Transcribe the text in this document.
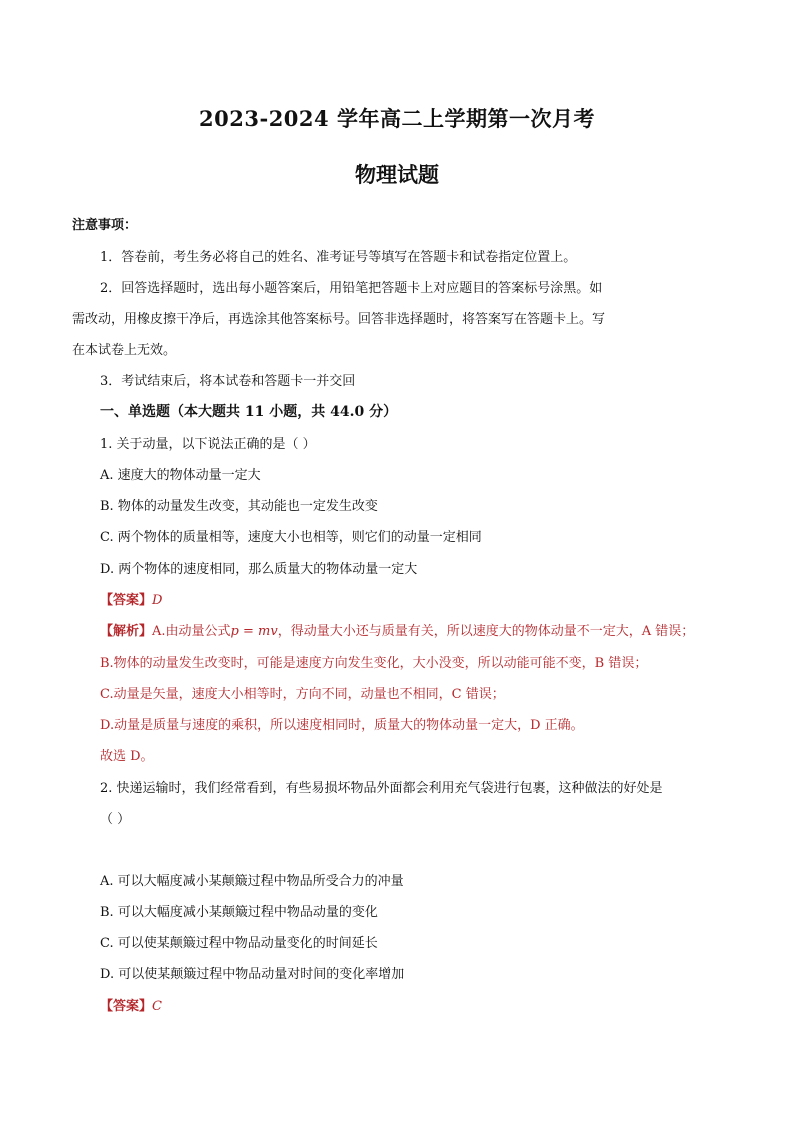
2023-2024 学年高二上学期第一次月考
物理试题
注意事项：
1．答卷前，考生务必将自己的姓名、准考证号等填写在答题卡和试卷指定位置上。
2．回答选择题时，选出每小题答案后，用铅笔把答题卡上对应题目的答案标号涂黑。如
需改动，用橡皮擦干净后，再选涂其他答案标号。回答非选择题时，将答案写在答题卡上。写
在本试卷上无效。
3．考试结束后，将本试卷和答题卡一并交回
一、单选题（本大题共 11 小题，共 44.0 分）
1. 关于动量，以下说法正确的是（ ）
A. 速度大的物体动量一定大
B. 物体的动量发生改变，其动能也一定发生改变
C. 两个物体的质量相等，速度大小也相等，则它们的动量一定相同
D. 两个物体的速度相同，那么质量大的物体动量一定大
【答案】D
【解析】A.由动量公式p = mv，得动量大小还与质量有关，所以速度大的物体动量不一定大，A 错误；
B.物体的动量发生改变时，可能是速度方向发生变化，大小没变，所以动能可能不变，B 错误；
C.动量是矢量，速度大小相等时，方向不同，动量也不相同，C 错误；
D.动量是质量与速度的乘积，所以速度相同时，质量大的物体动量一定大，D 正确。
故选 D。
2. 快递运输时，我们经常看到，有些易损坏物品外面都会利用充气袋进行包裹，这种做法的好处是
（ ）
A. 可以大幅度减小某颠簸过程中物品所受合力的冲量
B. 可以大幅度减小某颠簸过程中物品动量的变化
C. 可以使某颠簸过程中物品动量变化的时间延长
D. 可以使某颠簸过程中物品动量对时间的变化率增加
【答案】C
